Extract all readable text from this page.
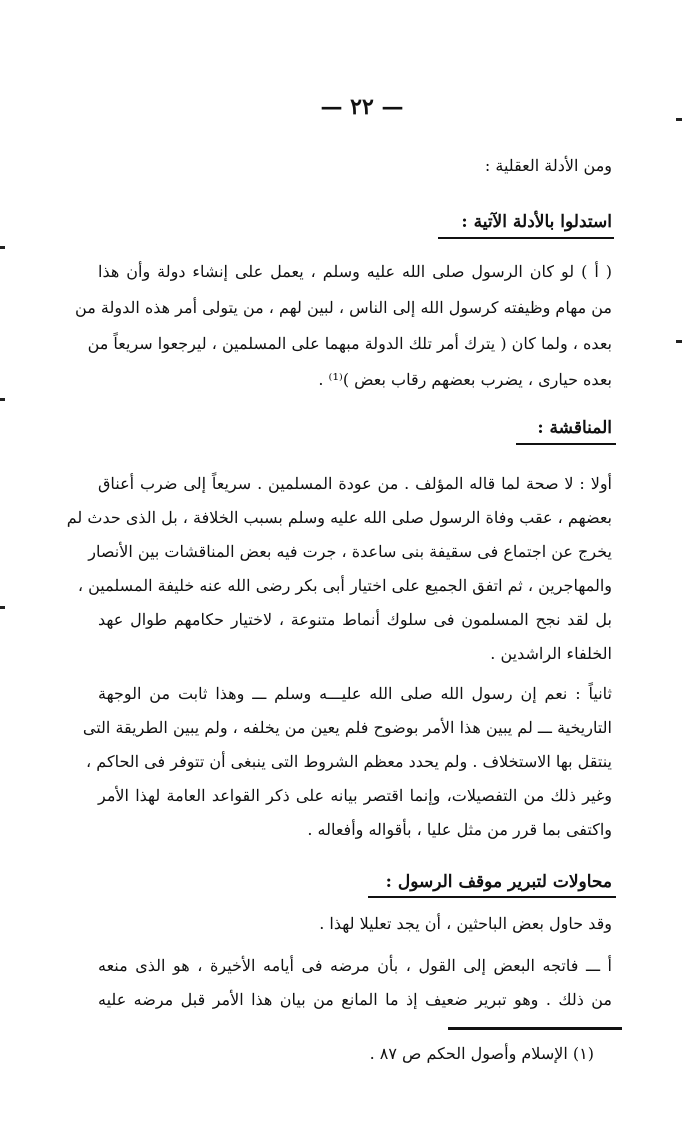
— ٢٢ —
ومن الأدلة العقلية :
استدلوا بالأدلة الآتية :
( أ ) لو كان الرسول صلى الله عليه وسلم ، يعمل على إنشاء دولة وأن هذا
من مهام وظيفته كرسول الله إلى الناس ، لبين لهم ، من يتولى أمر هذه الدولة من
بعده ، ولما كان ( يترك أمر تلك الدولة مبهما على المسلمين ، ليرجعوا سريعاً من
بعده حيارى ، يضرب بعضهم رقاب بعض )⁽¹⁾ .
المناقشة :
أولا : لا صحة لما قاله المؤلف . من عودة المسلمين . سريعاً إلى ضرب أعناق
بعضهم ، عقب وفاة الرسول صلى الله عليه وسلم بسبب الخلافة ، بل الذى حدث لم
يخرج عن اجتماع فى سقيفة بنى ساعدة ، جرت فيه بعض المناقشات بين الأنصار
والمهاجرين ، ثم اتفق الجميع على اختيار أبى بكر رضى الله عنه خليفة المسلمين ،
بل لقد نجح المسلمون فى سلوك أنماط متنوعة ، لاختيار حكامهم طوال عهد
الخلفاء الراشدين .
ثانياً : نعم إن رسول الله صلى الله عليـــه وسلم ـــ وهذا ثابت من الوجهة
التاريخية ـــ لم يبين هذا الأمر بوضوح فلم يعين من يخلفه ، ولم يبين الطريقة التى
ينتقل بها الاستخلاف . ولم يحدد معظم الشروط التى ينبغى أن تتوفر فى الحاكم ،
وغير ذلك من التفصيلات، وإنما اقتصر بيانه على ذكر القواعد العامة لهذا الأمر
واكتفى بما قرر من مثل عليا ، بأقواله وأفعاله .
محاولات لتبرير موقف الرسول :
وقد حاول بعض الباحثين ، أن يجد تعليلا لهذا .
أ ـــ فاتجه البعض إلى القول ، بأن مرضه فى أيامه الأخيرة ، هو الذى منعه
من ذلك . وهو تبرير ضعيف إذ ما المانع من بيان هذا الأمر قبل مرضه عليه
(١) الإسلام وأصول الحكم ص ٨٧ .
